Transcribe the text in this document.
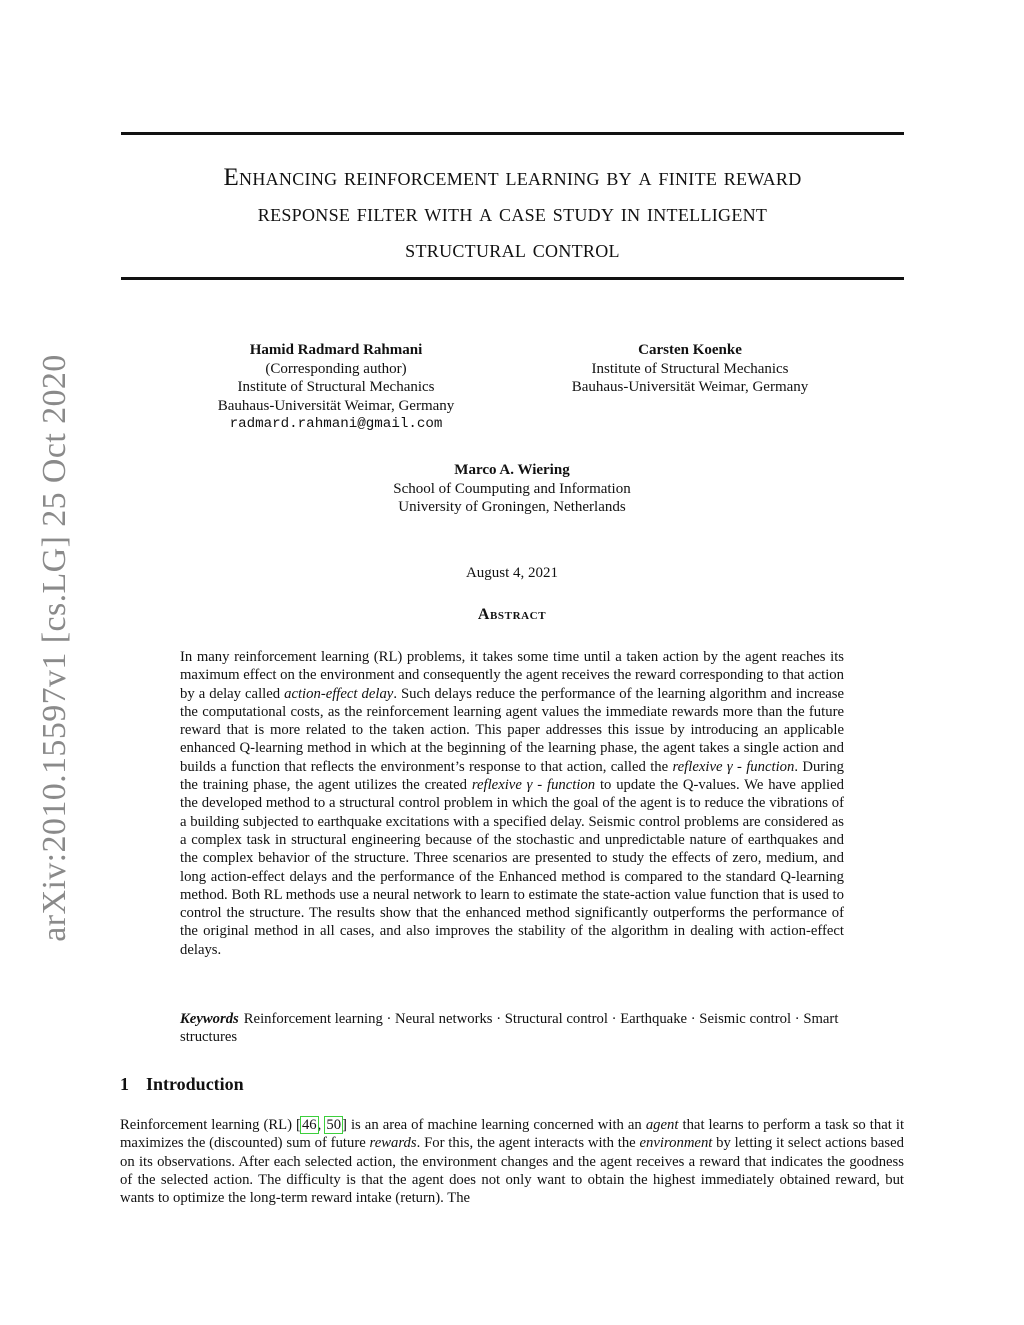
arXiv:2010.15597v1 [cs.LG] 25 Oct 2020
Enhancing reinforcement learning by a finite reward
response filter with a case study in intelligent
structural control
Hamid Radmard Rahmani
(Corresponding author)
Institute of Structural Mechanics
Bauhaus-Universität Weimar, Germany
radmard.rahmani@gmail.com
Carsten Koenke
Institute of Structural Mechanics
Bauhaus-Universität Weimar, Germany
Marco A. Wiering
School of Coumputing and Information
University of Groningen, Netherlands
August 4, 2021
Abstract

In many reinforcement learning (RL) problems, it takes some time until a taken action by the agent reaches its maximum effect on the environment and consequently the agent receives the reward corresponding to that action by a delay called action-effect delay. Such delays reduce the performance of the learning algorithm and increase the computational costs, as the reinforcement learning agent values the immediate rewards more than the future reward that is more related to the taken action. This paper addresses this issue by introducing an applicable enhanced Q-learning method in which at the beginning of the learning phase, the agent takes a single action and builds a function that reflects the environment’s response to that action, called the reflexive γ - function. During the training phase, the agent utilizes the created reflexive γ - function to update the Q-values. We have applied the developed method to a structural control problem in which the goal of the agent is to reduce the vibrations of a building subjected to earthquake excitations with a specified delay. Seismic control problems are considered as a complex task in structural engineering because of the stochastic and unpredictable nature of earthquakes and the complex behavior of the structure. Three scenarios are presented to study the effects of zero, medium, and long action-effect delays and the performance of the Enhanced method is compared to the standard Q-learning method. Both RL methods use a neural network to learn to estimate the state-action value function that is used to control the structure. The results show that the enhanced method significantly outperforms the performance of the original method in all cases, and also improves the stability of the algorithm in dealing with action-effect delays.

Keywords Reinforcement learning · Neural networks · Structural control · Earthquake · Seismic control · Smart structures

1 Introduction

Reinforcement learning (RL) [46, 50] is an area of machine learning concerned with an agent that learns to perform a task so that it maximizes the (discounted) sum of future rewards. For this, the agent interacts with the environment by letting it select actions based on its observations. After each selected action, the environment changes and the agent receives a reward that indicates the goodness of the selected action. The difficulty is that the agent does not only want to obtain the highest immediately obtained reward, but wants to optimize the long-term reward intake (return). The
